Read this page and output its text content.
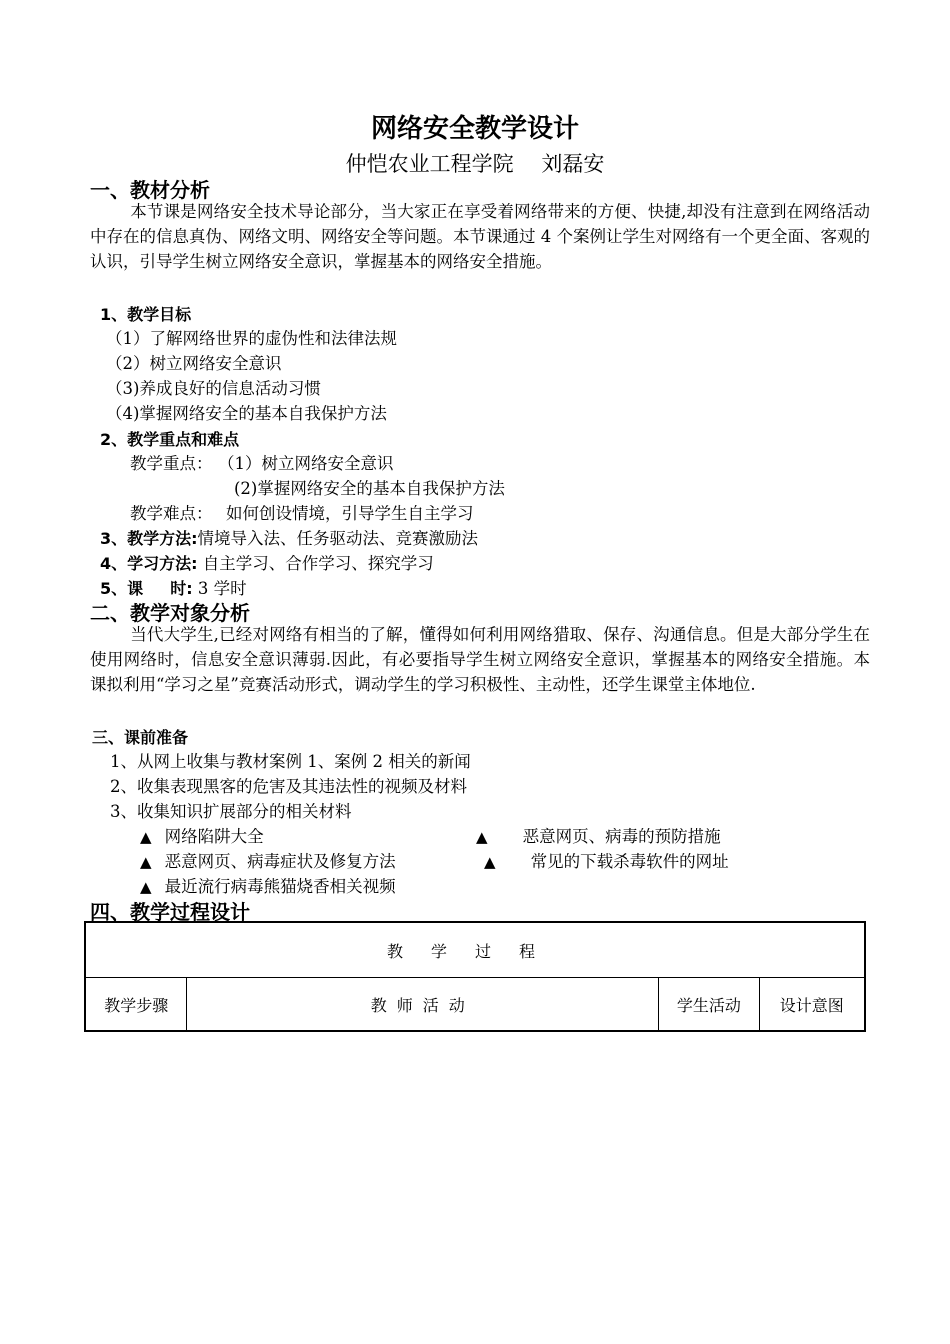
网络安全教学设计
仲恺农业工程学院　 刘磊安
一、教材分析
本节课是网络安全技术导论部分，当大家正在享受着网络带来的方便、快捷,却没有注意到在网络活动中存在的信息真伪、网络文明、网络安全等问题。本节课通过 4 个案例让学生对网络有一个更全面、客观的认识，引导学生树立网络安全意识，掌握基本的网络安全措施。
1、教学目标
（1）了解网络世界的虚伪性和法律法规
（2）树立网络安全意识
（3)养成良好的信息活动习惯
（4)掌握网络安全的基本自我保护方法
2、教学重点和难点
教学重点： （1）树立网络安全意识
(2)掌握网络安全的基本自我保护方法
教学难点： 如何创设情境，引导学生自主学习
3、教学方法:情境导入法、任务驱动法、竞赛激励法
4、学习方法: 自主学习、合作学习、探究学习
5、课　  时: 3 学时
二、教学对象分析
当代大学生,已经对网络有相当的了解，懂得如何利用网络猎取、保存、沟通信息。但是大部分学生在使用网络时，信息安全意识薄弱.因此，有必要指导学生树立网络安全意识，掌握基本的网络安全措施。本课拟利用“学习之星”竞赛活动形式，调动学生的学习积极性、主动性，还学生课堂主体地位.
三、课前准备
1、从网上收集与教材案例 1、案例 2 相关的新闻
2、收集表现黑客的危害及其违法性的视频及材料
3、收集知识扩展部分的相关材料
▲ 网络陷阱大全	▲ 恶意网页、病毒的预防措施
▲ 恶意网页、病毒症状及修复方法	▲ 常见的下载杀毒软件的网址
▲ 最近流行病毒熊猫烧香相关视频
四、教学过程设计
教学过程
教学步骤	教师活动	学生活动	设计意图
